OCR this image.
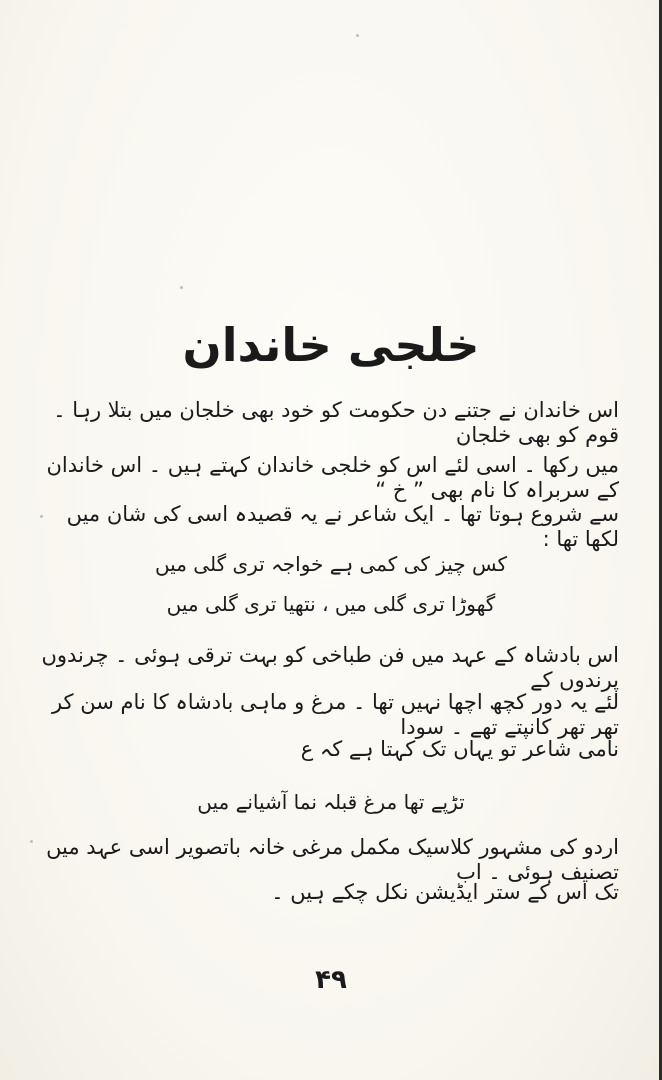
خلجی خاندان
اس خاندان نے جتنے دن حکومت کو خود بھی خلجان میں بتلا رہا ۔ قوم کو بھی خلجان
میں رکھا ۔ اسی لئے اس کو خلجی خاندان کہتے ہیں ۔ اس خاندان کے سربراہ کا نام بھی ” خ “
سے شروع ہوتا تھا ۔ ایک شاعر نے یہ قصیدہ اسی کی شان میں لکھا تھا :
کس چیز کی کمی ہے خواجہ تری گلی میں
گھوڑا تری گلی میں ، نتھیا تری گلی میں
اس بادشاہ کے عہد میں فن طباخی کو بہت ترقی ہوئی ۔ چرندوں پرندوں کے
لئے یہ دور کچھ اچھا نہیں تھا ۔ مرغ و ماہی بادشاہ کا نام سن کر تھر تھر کانپتے تھے ۔ سودا
نامی شاعر تو یہاں تک کہتا ہے کہ ع
تڑپے تھا مرغ قبلہ نما آشیانے میں
اردو کی مشہور کلاسیک مکمل مرغی خانہ باتصویر اسی عہد میں تصنیف ہوئی ۔ اب
تک اس کے ستر ایڈیشن نکل چکے ہیں ۔
۴۹
